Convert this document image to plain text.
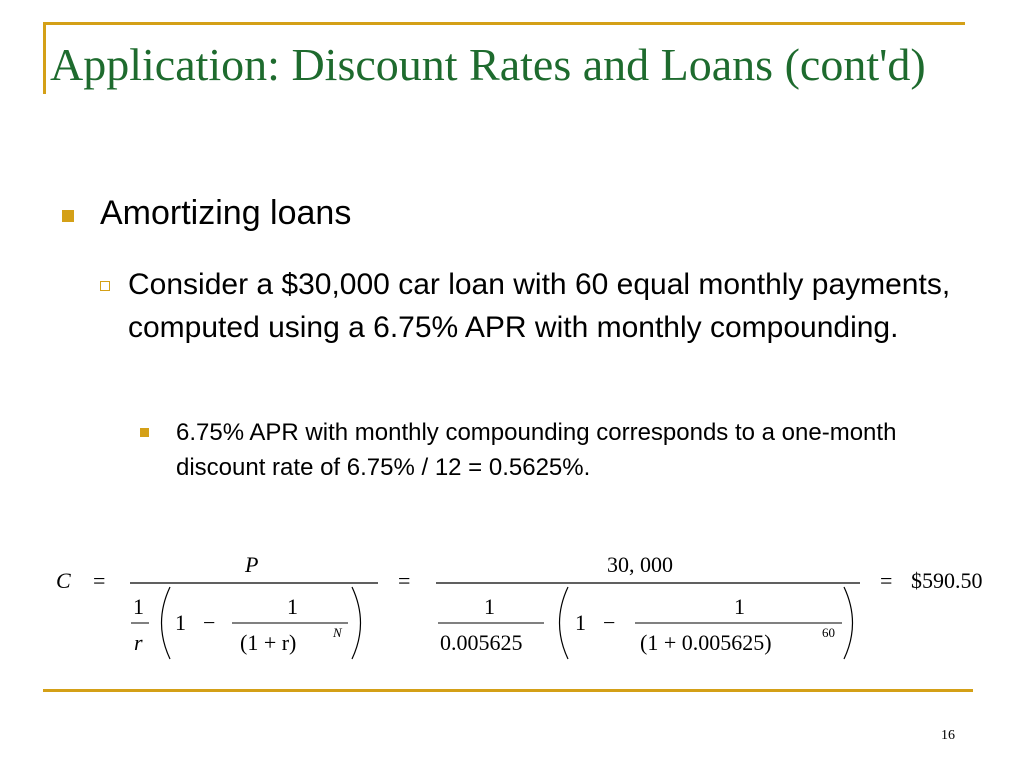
Application: Discount Rates and Loans (cont'd)
Amortizing loans
Consider a $30,000 car loan with 60 equal monthly payments, computed using a 6.75% APR with monthly compounding.
6.75% APR with monthly compounding corresponds to a one-month discount rate of 6.75% / 12 = 0.5625%.
C =
P
1
r
1 −
1
(1 + r)	N
=
30, 000
1
0.005625
1 −
1
(1 + 0.005625)	60
= $590.50
16
